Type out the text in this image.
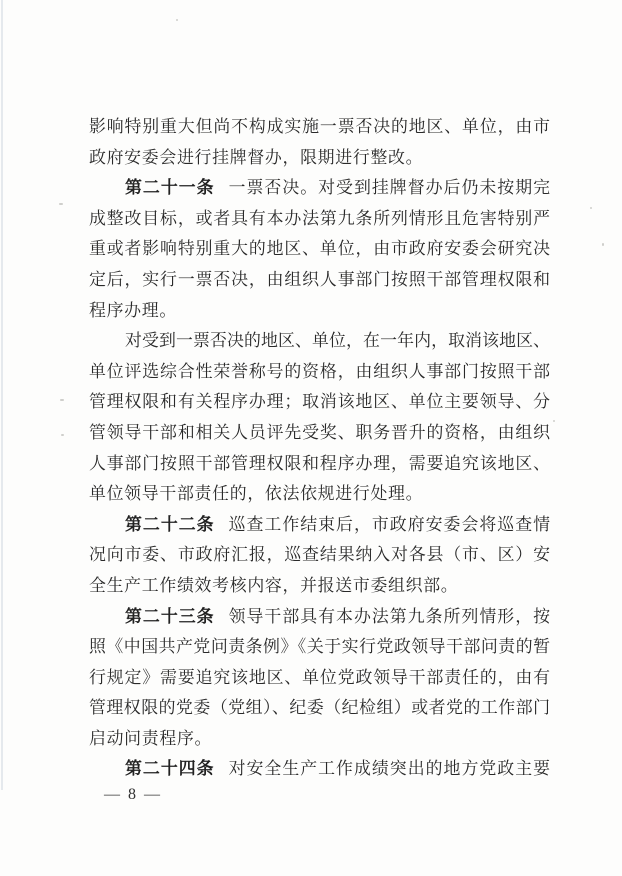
影响特别重大但尚不构成实施一票否决的地区、单位，由市
政府安委会进行挂牌督办，限期进行整改。
第二十一条 一票否决。对受到挂牌督办后仍未按期完
成整改目标，或者具有本办法第九条所列情形且危害特别严
重或者影响特别重大的地区、单位，由市政府安委会研究决
定后，实行一票否决，由组织人事部门按照干部管理权限和
程序办理。
对受到一票否决的地区、单位，在一年内，取消该地区、
单位评选综合性荣誉称号的资格，由组织人事部门按照干部
管理权限和有关程序办理；取消该地区、单位主要领导、分
管领导干部和相关人员评先受奖、职务晋升的资格，由组织
人事部门按照干部管理权限和程序办理，需要追究该地区、
单位领导干部责任的，依法依规进行处理。
第二十二条 巡查工作结束后，市政府安委会将巡查情
况向市委、市政府汇报，巡查结果纳入对各县（市、区）安
全生产工作绩效考核内容，并报送市委组织部。
第二十三条 领导干部具有本办法第九条所列情形，按
照《中国共产党问责条例》《关于实行党政领导干部问责的暂
行规定》需要追究该地区、单位党政领导干部责任的，由有
管理权限的党委（党组）、纪委（纪检组）或者党的工作部门
启动问责程序。
第二十四条 对安全生产工作成绩突出的地方党政主要
— 8 —
